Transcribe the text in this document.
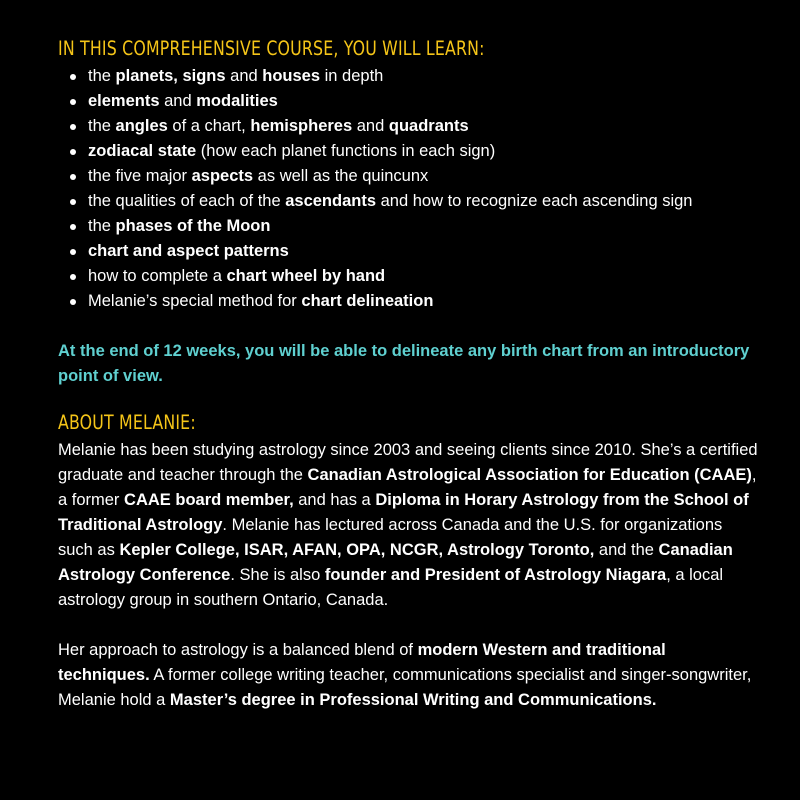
IN THIS COMPREHENSIVE COURSE, YOU WILL LEARN:
the planets, signs and houses in depth
elements and modalities
the angles of a chart, hemispheres and quadrants
zodiacal state (how each planet functions in each sign)
the five major aspects as well as the quincunx
the qualities of each of the ascendants and how to recognize each ascending sign
the phases of the Moon
chart and aspect patterns
how to complete a chart wheel by hand
Melanie’s special method for chart delineation

At the end of 12 weeks, you will be able to delineate any birth chart from an introductory point of view.

ABOUT MELANIE:

Melanie has been studying astrology since 2003 and seeing clients since 2010. She’s a certified graduate and teacher through the Canadian Astrological Association for Education (CAAE), a former CAAE board member, and has a Diploma in Horary Astrology from the School of Traditional Astrology. Melanie has lectured across Canada and the U.S. for organizations such as Kepler College, ISAR, AFAN, OPA, NCGR, Astrology Toronto, and the Canadian Astrology Conference. She is also founder and President of Astrology Niagara, a local astrology group in southern Ontario, Canada.

Her approach to astrology is a balanced blend of modern Western and traditional techniques. A former college writing teacher, communications specialist and singer-songwriter, Melanie hold a Master’s degree in Professional Writing and Communications.
